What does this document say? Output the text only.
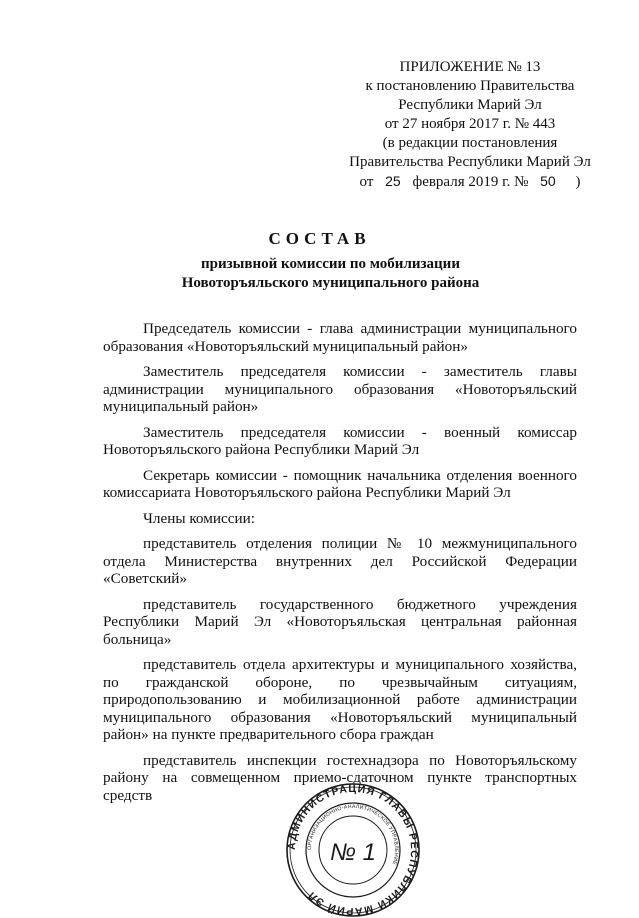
ПРИЛОЖЕНИЕ № 13
к постановлению Правительства
Республики Марий Эл
от 27 ноября 2017 г. № 443
(в редакции постановления
Правительства Республики Марий Эл
от 25 февраля 2019 г. № 50 )
СОСТАВ
призывной комиссии по мобилизации
Новоторъяльского муниципального района

Председатель комиссии - глава администрации муниципального образования «Новоторъяльский муниципальный район»

Заместитель председателя комиссии - заместитель главы администрации муниципального образования «Новоторъяльский муниципальный район»

Заместитель председателя комиссии - военный комиссар Новоторъяльского района Республики Марий Эл

Секретарь комиссии - помощник начальника отделения военного комиссариата Новоторъяльского района Республики Марий Эл

Члены комиссии:

представитель отделения полиции № 10 межмуниципального отдела Министерства внутренних дел Российской Федерации «Советский»

представитель государственного бюджетного учреждения Республики Марий Эл «Новоторъяльская центральная районная больница»

представитель отдела архитектуры и муниципального хозяйства, по гражданской обороне, по чрезвычайным ситуациям, природопользованию и мобилизационной работе администрации муниципального образования «Новоторъяльский муниципальный район» на пункте предварительного сбора граждан

представитель инспекции гостехнадзора по Новоторъяльскому району на совмещенном приемо-сдаточном пункте транспортных средств

АДМИНИСТРАЦИЯ ГЛАВЫ РЕСПУБЛИКИ МАРИЙ ЭЛ
ОРГАНИЗАЦИОННО-АНАЛИТИЧЕСКОЕ УПРАВЛЕНИЕ
№ 1
